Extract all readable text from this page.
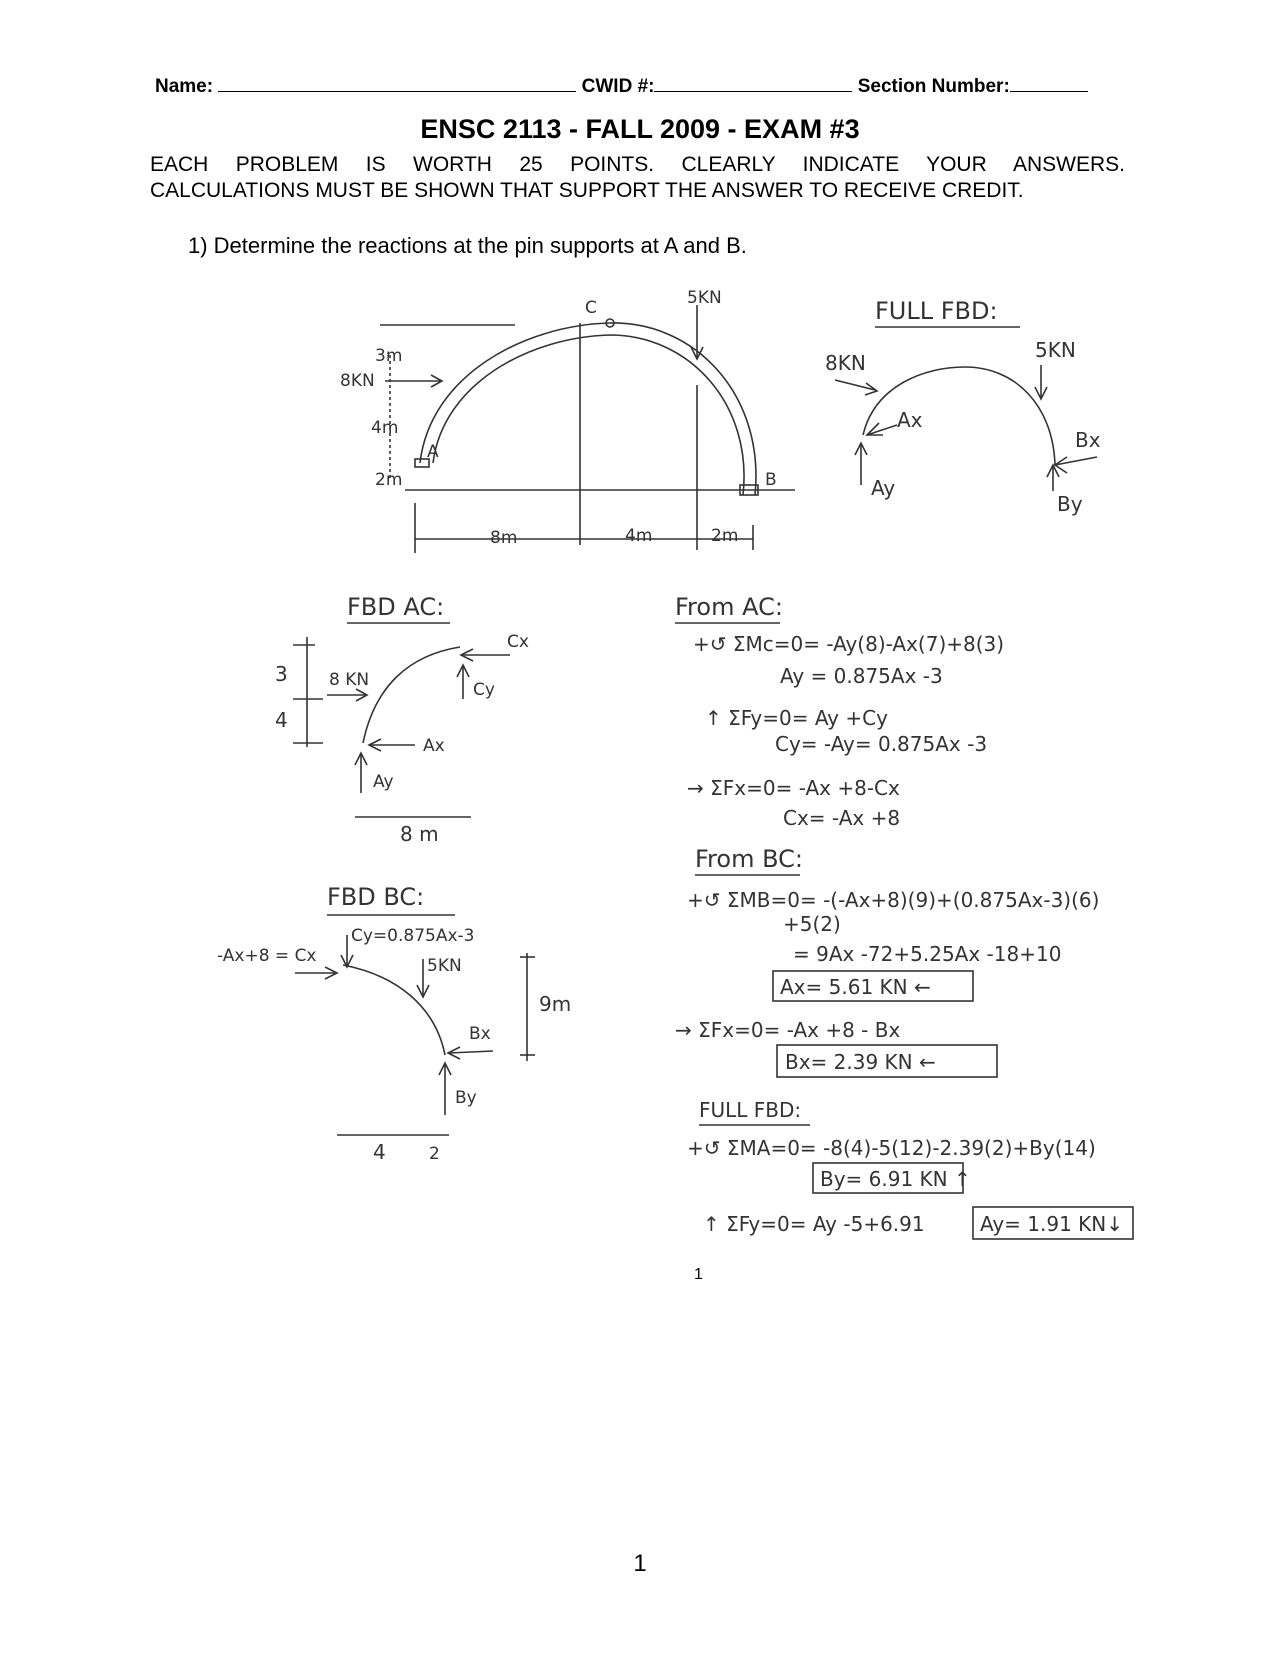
Name:	CWID #:	Section Number:
ENSC 2113 - FALL 2009 - EXAM #3
EACH PROBLEM IS WORTH 25 POINTS. CLEARLY INDICATE YOUR ANSWERS.
CALCULATIONS MUST BE SHOWN THAT SUPPORT THE ANSWER TO RECEIVE CREDIT.
1) Determine the reactions at the pin supports at A and B.
5KN
C
A
B
3m
8KN
4m
2m
8m	4m	2m
FULL FBD:
8KN
5KN
Ax
Ay
Bx
By
FBD AC:
3
4
8 KN
Cx
Cy
Ax
Ay
8 m
FBD BC:
-Ax+8 = Cx
Cy=0.875Ax-3
5KN
9m
Bx
By
4	2
From AC:
+↺ ΣMc=0= -Ay(8)-Ax(7)+8(3)
Ay = 0.875Ax -3
↑ ΣFy=0= Ay +Cy
Cy= -Ay= 0.875Ax -3
→ ΣFx=0= -Ax +8-Cx
Cx= -Ax +8
From BC:
+↺ ΣMB=0= -(-Ax+8)(9)+(0.875Ax-3)(6)
+5(2)
= 9Ax -72+5.25Ax -18+10
Ax= 5.61 KN ←
→ ΣFx=0= -Ax +8 - Bx
Bx= 2.39 KN ←
FULL FBD:
+↺ ΣMA=0= -8(4)-5(12)-2.39(2)+By(14)
By= 6.91 KN ↑
↑ ΣFy=0= Ay -5+6.91	Ay= 1.91 KN↓
1
1
